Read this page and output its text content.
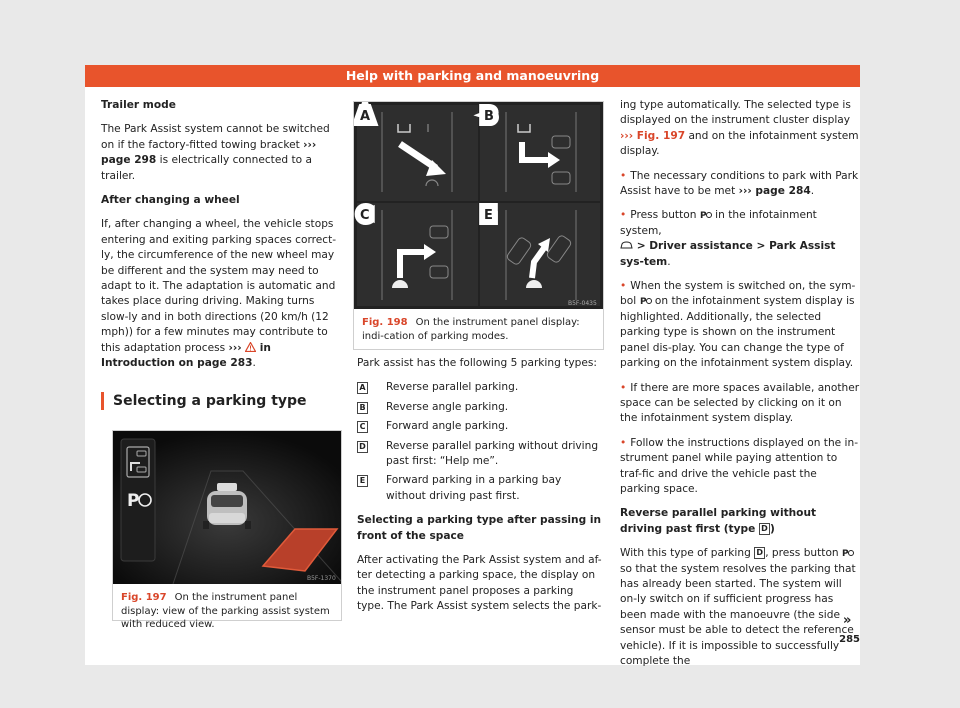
Help with parking and manoeuvring

Trailer mode

The Park Assist system cannot be switched on if the factory-fitted towing bracket ››› page 298 is electrically connected to a trailer.

After changing a wheel

If, after changing a wheel, the vehicle stops entering and exiting parking spaces correct-ly, the circumference of the new wheel may be different and the system may need to adapt to it. The adaptation is automatic and takes place during driving. Making turns slow-ly and in both directions (20 km/h (12 mph)) for a few minutes may contribute to this adaptation process ›››  in Introduction on page 283.

Selecting a parking type
P
B5F-1370
Fig. 197 On the instrument panel display: view of the parking assist system with reduced view.
A	B
C	E
B5F-0435
Fig. 198 On the instrument panel display: indi-cation of parking modes.

Park assist has the following 5 parking types:

A Reverse parallel parking.
B Reverse angle parking.
C Forward angle parking.
D Reverse parallel parking without driving past first: “Help me”.
E Forward parking in a parking bay without driving past first.

Selecting a parking type after passing in front of the space

After activating the Park Assist system and af-ter detecting a parking space, the display on the instrument panel proposes a parking type. The Park Assist system selects the park-

ing type automatically. The selected type is displayed on the instrument cluster display ››› Fig. 197 and on the infotainment system display.

• The necessary conditions to park with Park Assist have to be met ››› page 284.

• Press button P in the infotainment system,
> Driver assistance > Park Assist sys-tem.

• When the system is switched on, the sym-bol P on the infotainment system display is highlighted. Additionally, the selected parking type is shown on the instrument panel dis-play. You can change the type of parking on the infotainment system display.

• If there are more spaces available, another space can be selected by clicking on it on the infotainment system display.

• Follow the instructions displayed on the in-strument panel while paying attention to traf-fic and drive the vehicle past the parking space.

Reverse parallel parking without driving past first (type D )

With this type of parking D , press button P
so that the system resolves the parking that has already been started. The system will on-ly switch on if sufficient progress has been made with the manoeuvre (the side sensor must be able to detect the reference vehicle). If it is impossible to successfully complete the

»
285
